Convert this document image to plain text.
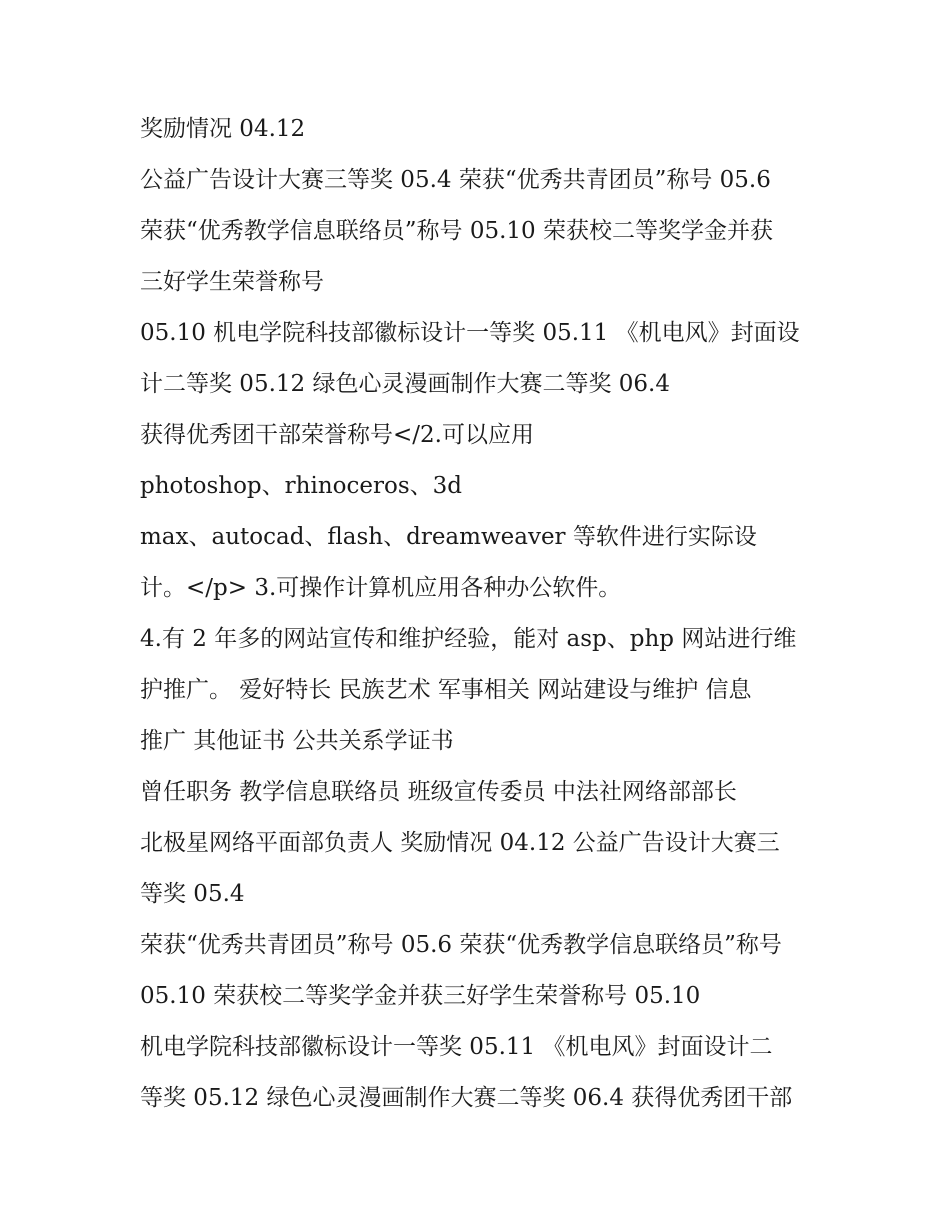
奖励情况 04.12
公益广告设计大赛三等奖 05.4 荣获“优秀共青团员”称号 05.6
荣获“优秀教学信息联络员”称号 05.10 荣获校二等奖学金并获
三好学生荣誉称号
05.10 机电学院科技部徽标设计一等奖 05.11 《机电风》封面设
计二等奖 05.12 绿色心灵漫画制作大赛二等奖 06.4
获得优秀团干部荣誉称号</2.可以应用
photoshop、rhinoceros、3d
max、autocad、flash、dreamweaver 等软件进行实际设
计。</p> 3.可操作计算机应用各种办公软件。
4.有 2 年多的网站宣传和维护经验，能对 asp、php 网站进行维
护推广。 爱好特长 民族艺术 军事相关 网站建设与维护 信息
推广 其他证书 公共关系学证书
曾任职务 教学信息联络员 班级宣传委员 中法社网络部部长
北极星网络平面部负责人 奖励情况 04.12 公益广告设计大赛三
等奖 05.4
荣获“优秀共青团员”称号 05.6 荣获“优秀教学信息联络员”称号
05.10 荣获校二等奖学金并获三好学生荣誉称号 05.10
机电学院科技部徽标设计一等奖 05.11 《机电风》封面设计二
等奖 05.12 绿色心灵漫画制作大赛二等奖 06.4 获得优秀团干部
